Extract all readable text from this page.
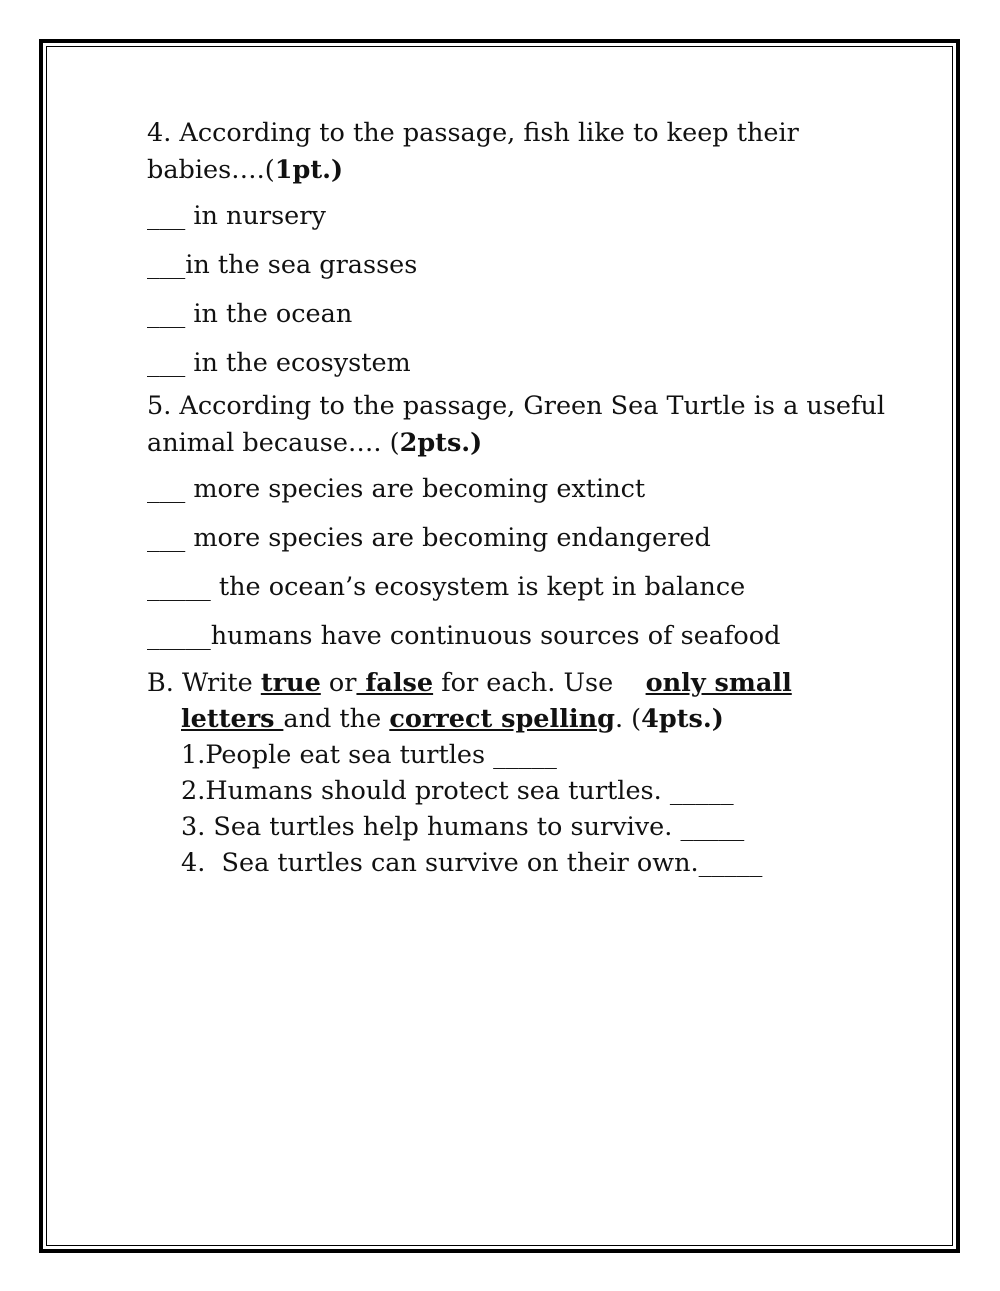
4. According to the passage, fish like to keep their babies….(1pt.)

___ in nursery

___in the sea grasses

___ in the ocean

___ in the ecosystem

5. According to the passage, Green Sea Turtle is a useful animal because…. (2pts.)

___ more species are becoming extinct

___ more species are becoming endangered

_____ the ocean’s ecosystem is kept in balance

_____humans have continuous sources of seafood

B. Write true or false for each. Use    only small
letters and the correct spelling. (4pts.)

1.People eat sea turtles _____

2.Humans should protect sea turtles. _____

3. Sea turtles help humans to survive. _____

4.  Sea turtles can survive on their own._____
